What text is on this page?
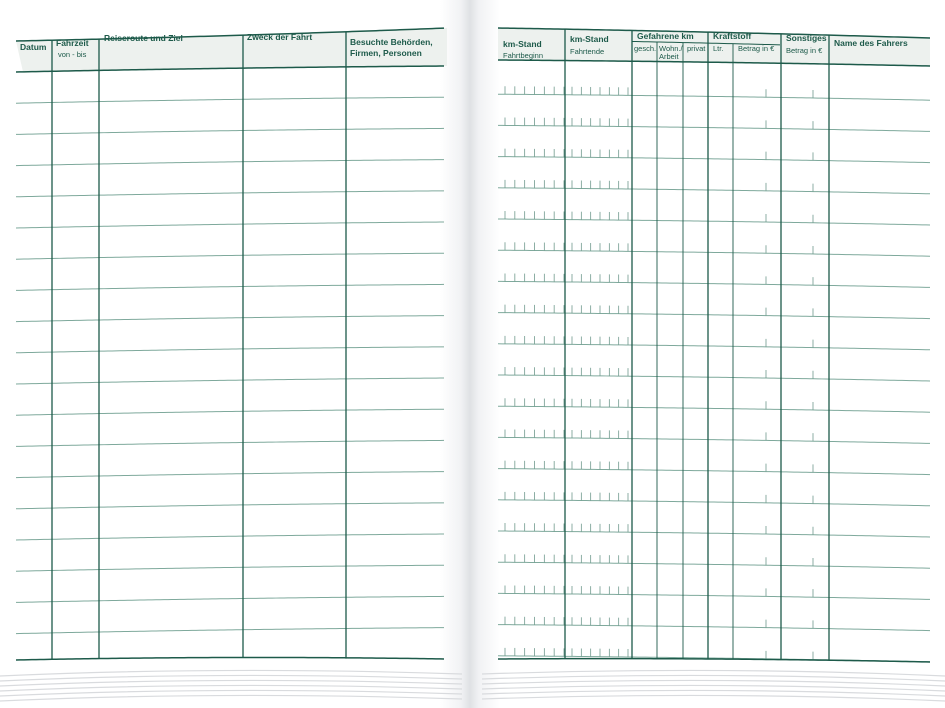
Datum Fahrzeit
von - bis
Reiseroute und Ziel	Zweck der Fahrt	Besuchte Behörden,
Firmen, Personen
km-Stand
Fahrtbeginn
km-Stand
Fahrtende
Gefahrene km
gesch. Wohn./
Arbeit
privat
Kraftstoff
Ltr. Betrag in €
Sonstiges
Betrag in €
Name des Fahrers
